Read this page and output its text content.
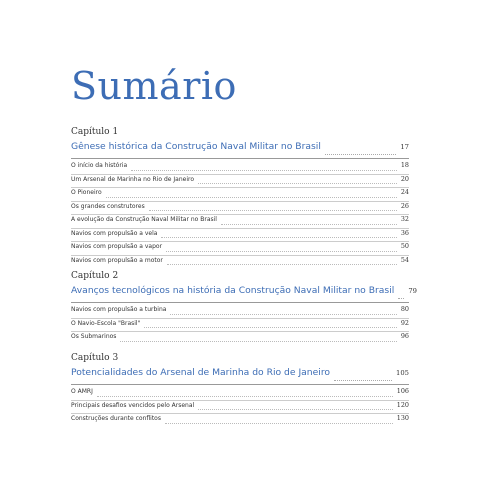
Sumário
Capítulo 1
Gênese histórica da Construção Naval Militar no Brasil	17
O início da história	18
Um Arsenal de Marinha no Rio de Janeiro	20
O Pioneiro	24
Os grandes construtores	26
A evolução da Construção Naval Militar no Brasil	32
Navios com propulsão a vela	36
Navios com propulsão a vapor	50
Navios com propulsão a motor	54
Capítulo 2
Avanços tecnológicos na história da Construção Naval Militar no Brasil 79
Navios com propulsão a turbina	80
O Navio-Escola "Brasil"	92
Os Submarinos	96
Capítulo 3
Potencialidades do Arsenal de Marinha do Rio de Janeiro	105
O AMRJ	106
Principais desafios vencidos pelo Arsenal	120
Construções durante conflitos	130
